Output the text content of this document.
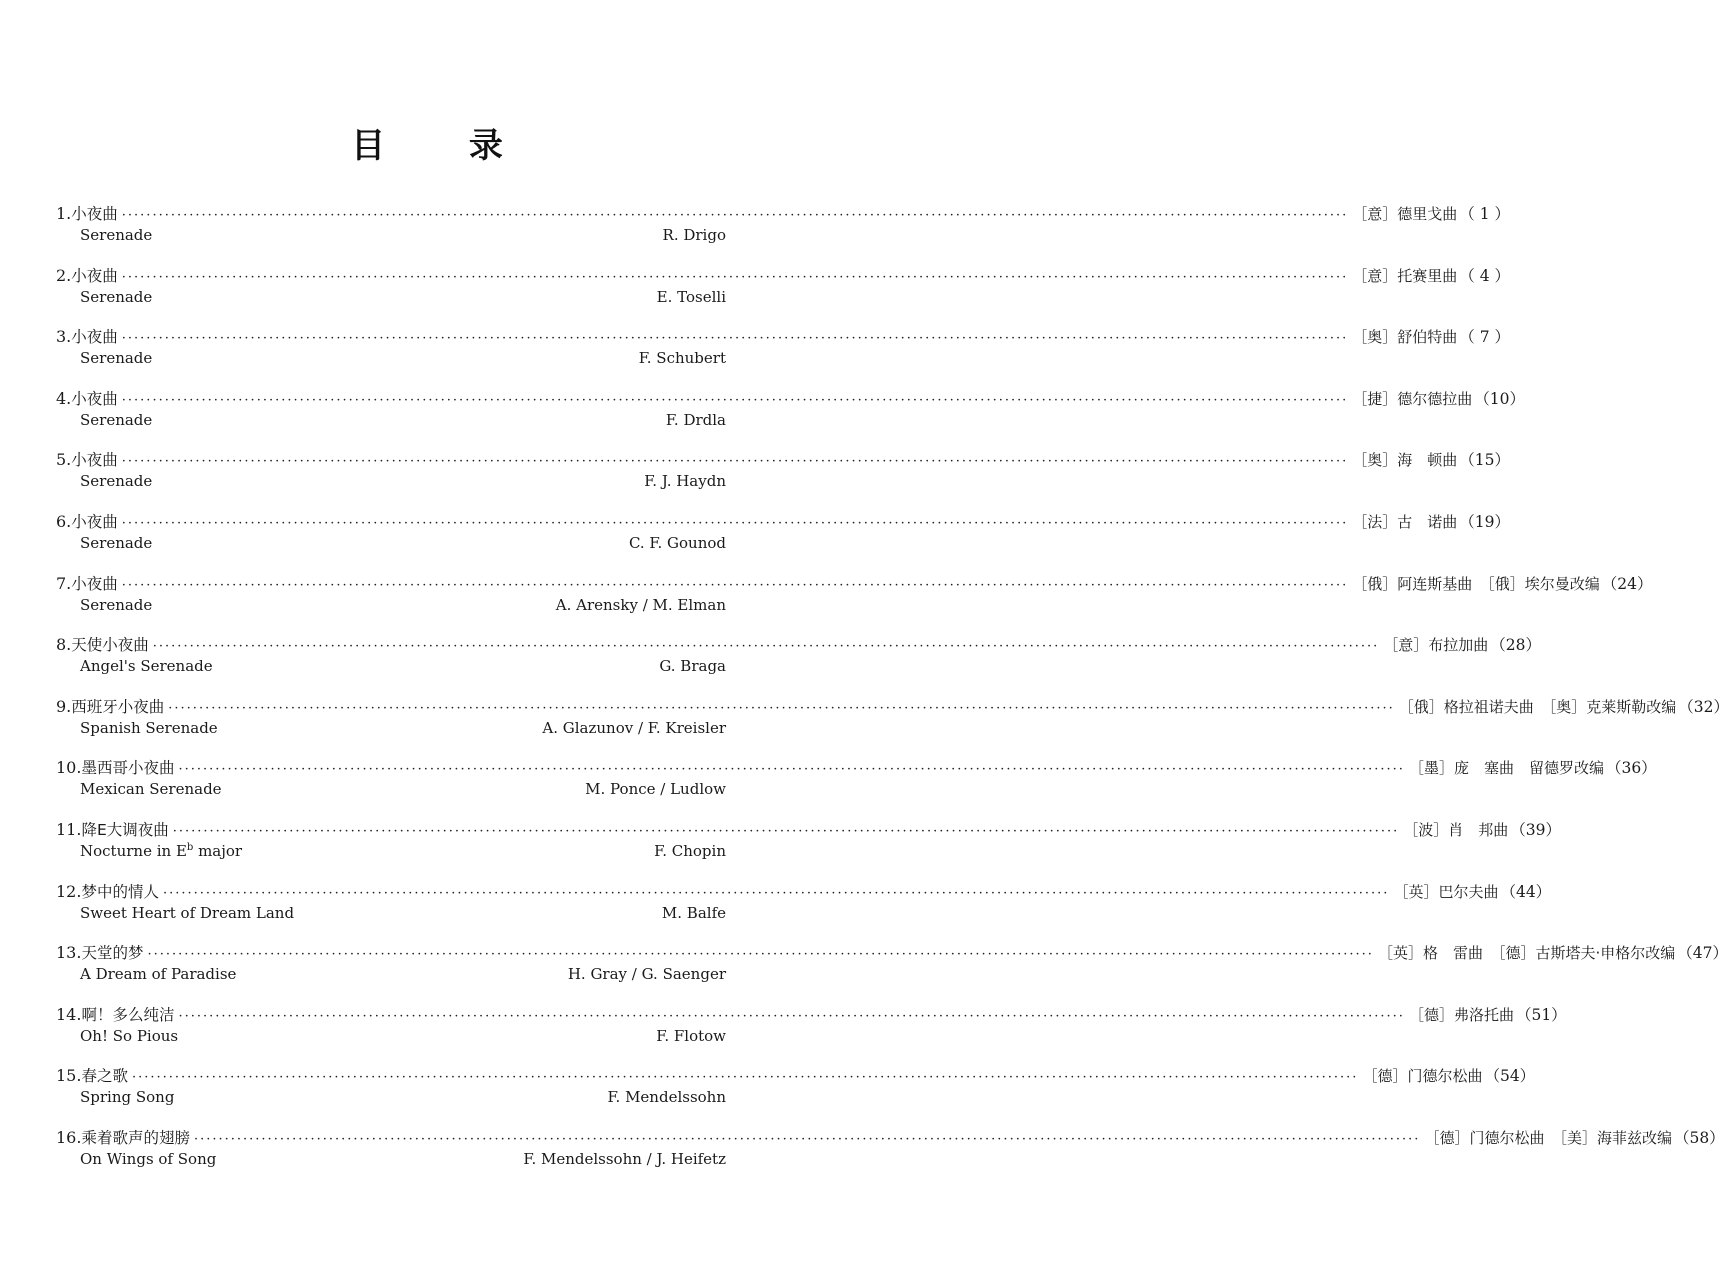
目 录
1. 小夜曲 ········································································································································································································ ［意］德里戈曲 （ 1 ）
Serenade	R. Drigo
2. 小夜曲 ········································································································································································································ ［意］托赛里曲 （ 4 ）
Serenade	E. Toselli
3. 小夜曲 ········································································································································································································ ［奥］舒伯特曲 （ 7 ）
Serenade	F. Schubert
4. 小夜曲 ········································································································································································································ ［捷］德尔德拉曲 （10）
Serenade	F. Drdla
5. 小夜曲 ········································································································································································································ ［奥］海　顿曲 （15）
Serenade	F. J. Haydn
6. 小夜曲 ········································································································································································································ ［法］古　诺曲 （19）
Serenade	C. F. Gounod
7. 小夜曲 ········································································································································································································ ［俄］阿连斯基曲　［俄］埃尔曼改编 （24）
Serenade	A. Arensky / M. Elman
8. 天使小夜曲 ········································································································································································································ ［意］布拉加曲 （28）
Angel's Serenade	G. Braga
9. 西班牙小夜曲 ········································································································································································································ ［俄］格拉祖诺夫曲　［奥］克莱斯勒改编 （32）
Spanish Serenade	A. Glazunov / F. Kreisler
10. 墨西哥小夜曲 ········································································································································································································ ［墨］庞　塞曲　留德罗改编 （36）
Mexican Serenade	M. Ponce / Ludlow
11. 降E大调夜曲 ········································································································································································································ ［波］肖　邦曲 （39）
Nocturne in $E^b$ major	F. Chopin
12. 梦中的情人 ········································································································································································································ ［英］巴尔夫曲 （44）
Sweet Heart of Dream Land	M. Balfe
13. 天堂的梦 ········································································································································································································ ［英］格　雷曲　［德］古斯塔夫·申格尔改编 （47）
A Dream of Paradise	H. Gray / G. Saenger
14. 啊！多么纯洁 ········································································································································································································ ［德］弗洛托曲 （51）
Oh! So Pious	F. Flotow
15. 春之歌 ········································································································································································································ ［德］门德尔松曲 （54）
Spring Song	F. Mendelssohn
16. 乘着歌声的翅膀 ········································································································································································································ ［德］门德尔松曲　［美］海菲兹改编 （58）
On Wings of Song	F. Mendelssohn / J. Heifetz
